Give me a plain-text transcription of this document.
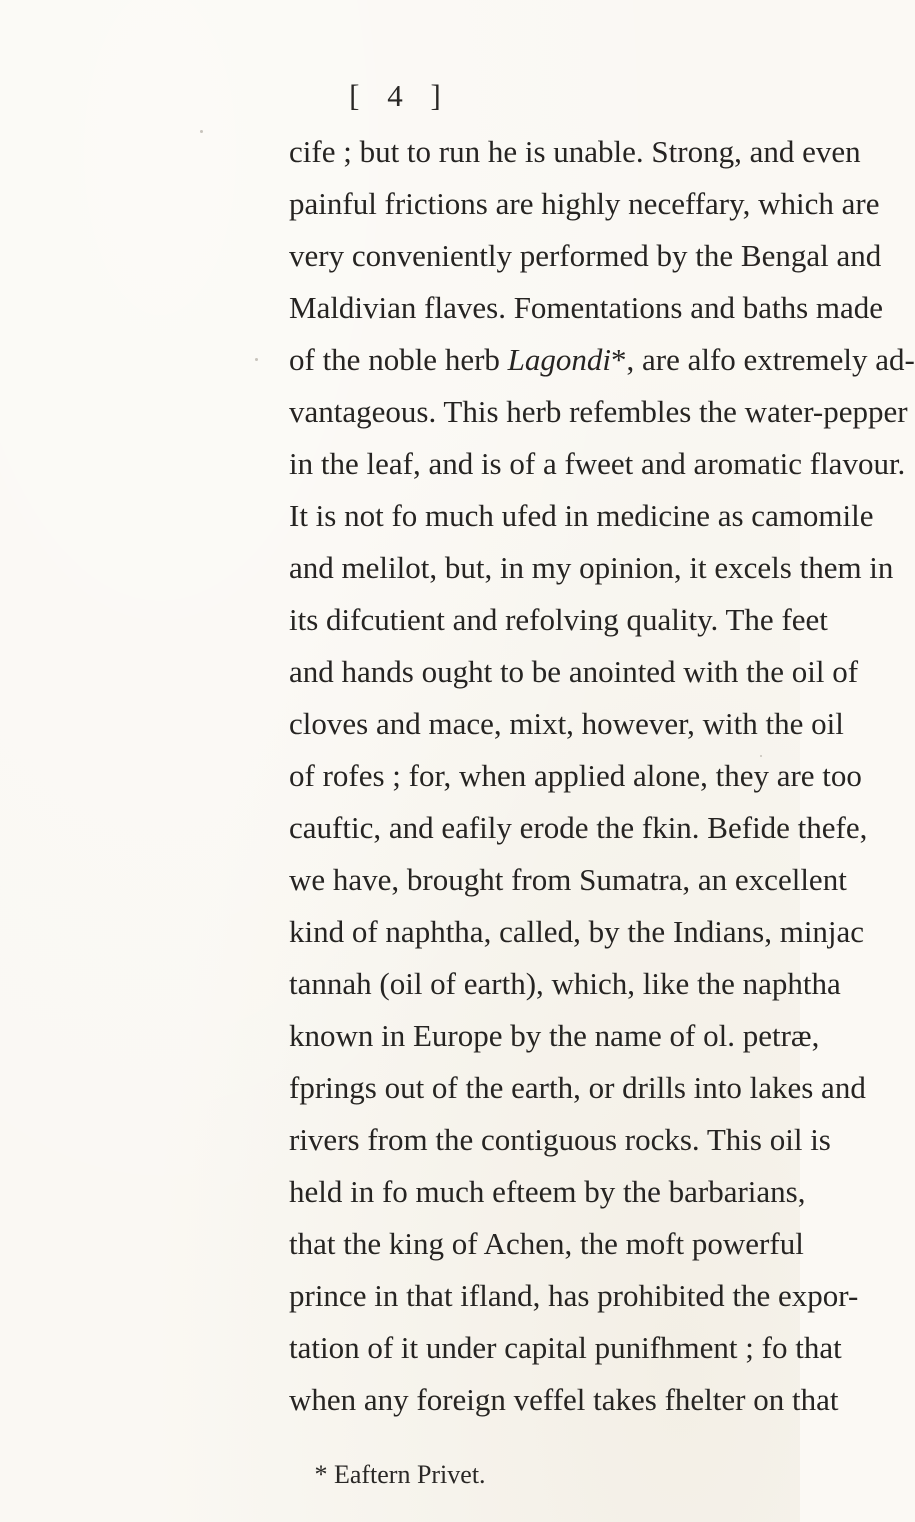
[ 4 ]
cife ; but to run he is unable. Strong, and even
painful frictions are highly neceffary, which are
very conveniently performed by the Bengal and
Maldivian flaves. Fomentations and baths made
of the noble herb Lagondi*, are alfo extremely ad-
vantageous. This herb refembles the water-pepper
in the leaf, and is of a fweet and aromatic flavour.
It is not fo much ufed in medicine as camomile
and melilot, but, in my opinion, it excels them in
its difcutient and refolving quality. The feet
and hands ought to be anointed with the oil of
cloves and mace, mixt, however, with the oil
of rofes ; for, when applied alone, they are too
cauftic, and eafily erode the fkin. Befide thefe,
we have, brought from Sumatra, an excellent
kind of naphtha, called, by the Indians, minjac
tannah (oil of earth), which, like the naphtha
known in Europe by the name of ol. petræ,
fprings out of the earth, or drills into lakes and
rivers from the contiguous rocks. This oil is
held in fo much efteem by the barbarians,
that the king of Achen, the moft powerful
prince in that ifland, has prohibited the expor-
tation of it under capital punifhment ; fo that
when any foreign veffel takes fhelter on that
* Eaftern Privet.
